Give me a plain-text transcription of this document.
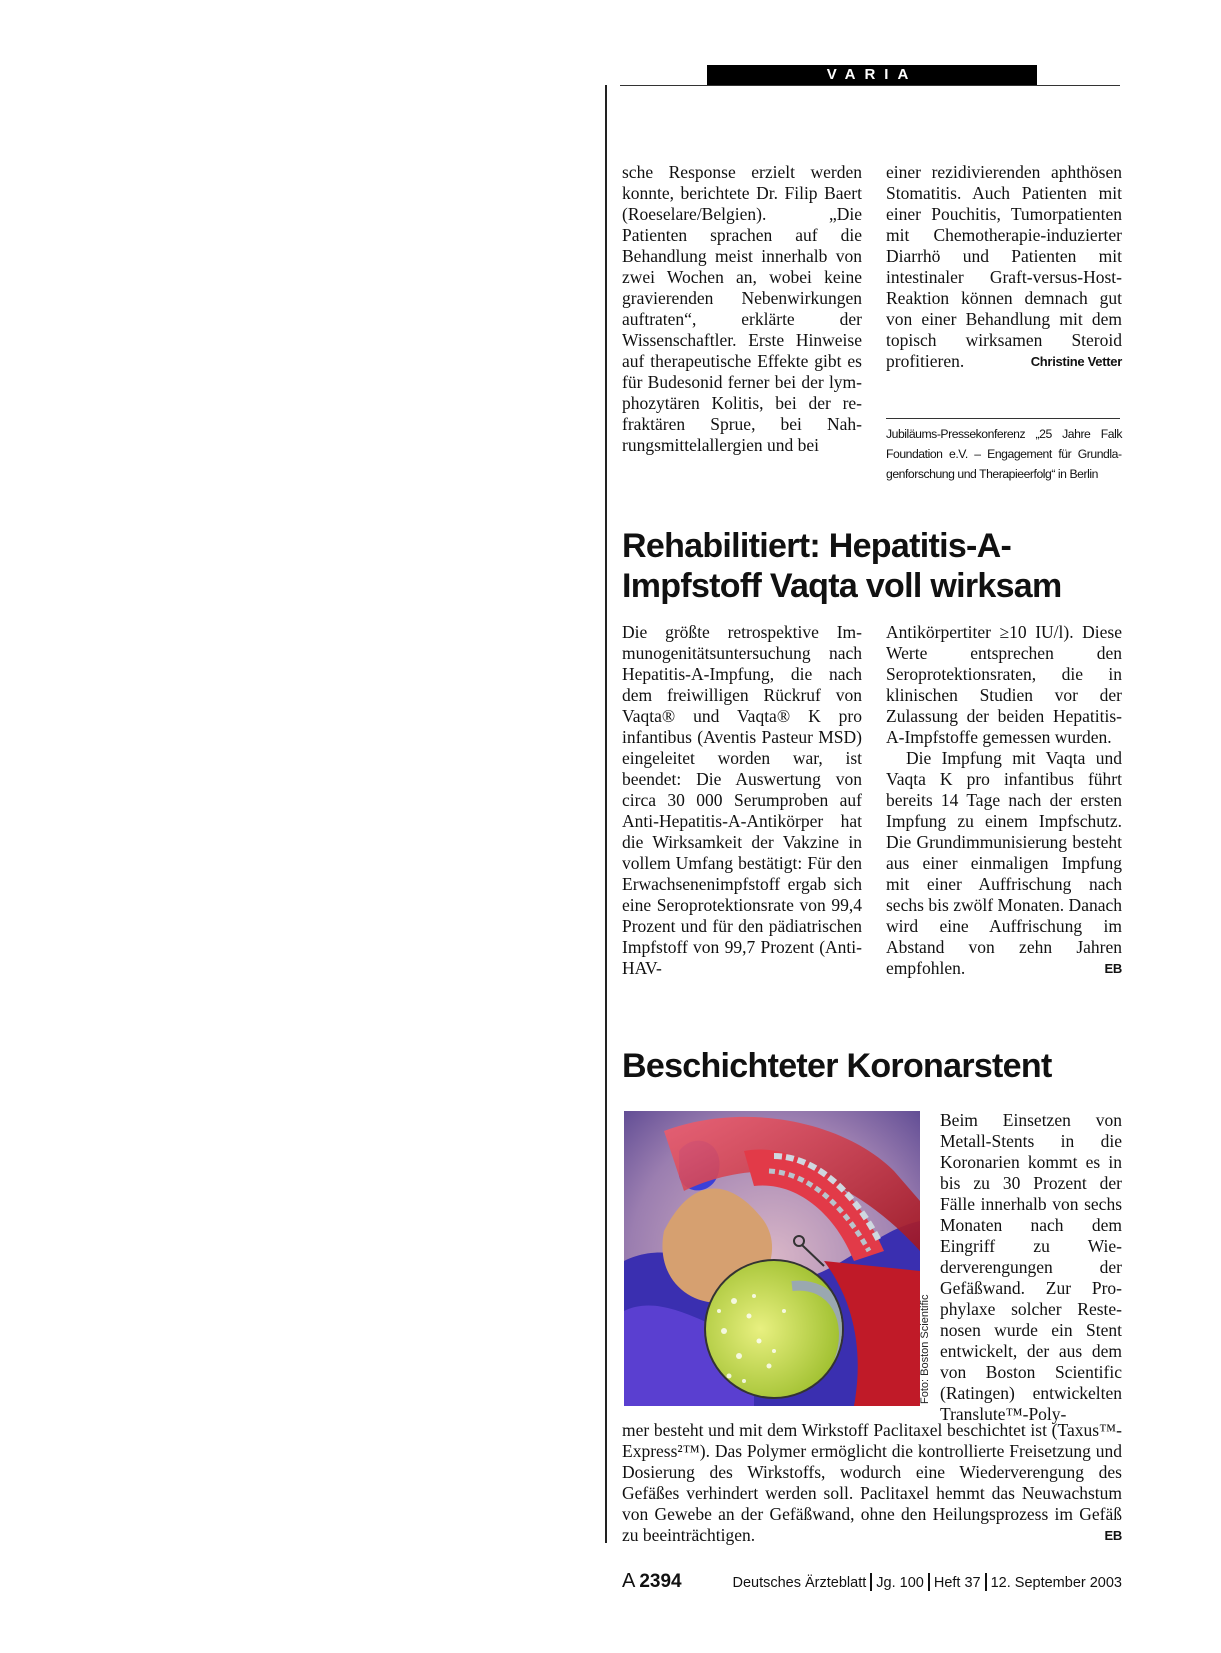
VARIA

sche Response erzielt werden konnte, berichtete Dr. Filip Baert (Roeselare/Belgien). „Die Patienten sprachen auf die Behandlung meist innerhalb von zwei Wochen an, wobei keine gravierenden Nebenwirkungen auftraten“, erklärte der Wissenschaftler. Erste Hinweise auf therapeutische Effekte gibt es für Budesonid ferner bei der lymphozytären Kolitis, bei der refraktären Sprue, bei Nahrungsmittelallergien und bei

einer rezidivierenden aphthösen Stomatitis. Auch Patienten mit einer Pouchitis, Tumorpatienten mit Chemotherapie-induzierter Diarrhö und Patienten mit intestinaler Graft-versus-Host-Reaktion können demnach gut von einer Behandlung mit dem topisch wirksamen Steroid profitieren.	Christine Vetter

Jubiläums-Pressekonferenz „25 Jahre Falk Foundation e.V. – Engagement für Grundlagenforschung und Therapieerfolg“ in Berlin
Rehabilitiert: Hepatitis-A-
Impfstoff Vaqta voll wirksam

Die größte retrospektive Immunogenitätsuntersuchung nach Hepatitis-A-Impfung, die nach dem freiwilligen Rückruf von Vaqta® und Vaqta® K pro infantibus (Aventis Pasteur MSD) eingeleitet worden war, ist beendet: Die Auswertung von circa 30 000 Serumproben auf Anti-Hepatitis-A-Antikörper hat die Wirksamkeit der Vakzine in vollem Umfang bestätigt: Für den Erwachsenenimpfstoff ergab sich eine Seroprotektionsrate von 99,4 Prozent und für den pädiatrischen Impfstoff von 99,7 Prozent (Anti-HAV-

Antikörpertiter ≥10 IU/l). Diese Werte entsprechen den Seroprotektionsraten, die in klinischen Studien vor der Zulassung der beiden Hepatitis-A-Impfstoffe gemessen wurden.

Die Impfung mit Vaqta und Vaqta K pro infantibus führt bereits 14 Tage nach der ersten Impfung zu einem Impfschutz. Die Grundimmunisierung besteht aus einer einmaligen Impfung mit einer Auffrischung nach sechs bis zwölf Monaten. Danach wird eine Auffrischung im Abstand von zehn Jahren empfohlen.	EB

Beschichteter Koronarstent
Foto: Boston Scientific

Beim Einsetzen von Metall-Stents in die Koronarien kommt es in bis zu 30 Prozent der Fälle innerhalb von sechs Monaten nach dem Eingriff zu Wiederverengungen der Gefäßwand. Zur Prophylaxe solcher Restenosen wurde ein Stent entwickelt, der aus dem von Boston Scientific (Ratingen) entwickelten Translute™-Poly-

mer besteht und mit dem Wirkstoff Paclitaxel beschichtet ist (Taxus™-Express²™). Das Polymer ermöglicht die kontrollierte Freisetzung und Dosierung des Wirkstoffs, wodurch eine Wiederverengung des Gefäßes verhindert werden soll. Paclitaxel hemmt das Neuwachstum von Gewebe an der Gefäßwand, ohne den Heilungsprozess im Gefäß zu beeinträchtigen.	EB
A 2394	Deutsches Ärzteblatt Jg. 100 Heft 37 12. September 2003
